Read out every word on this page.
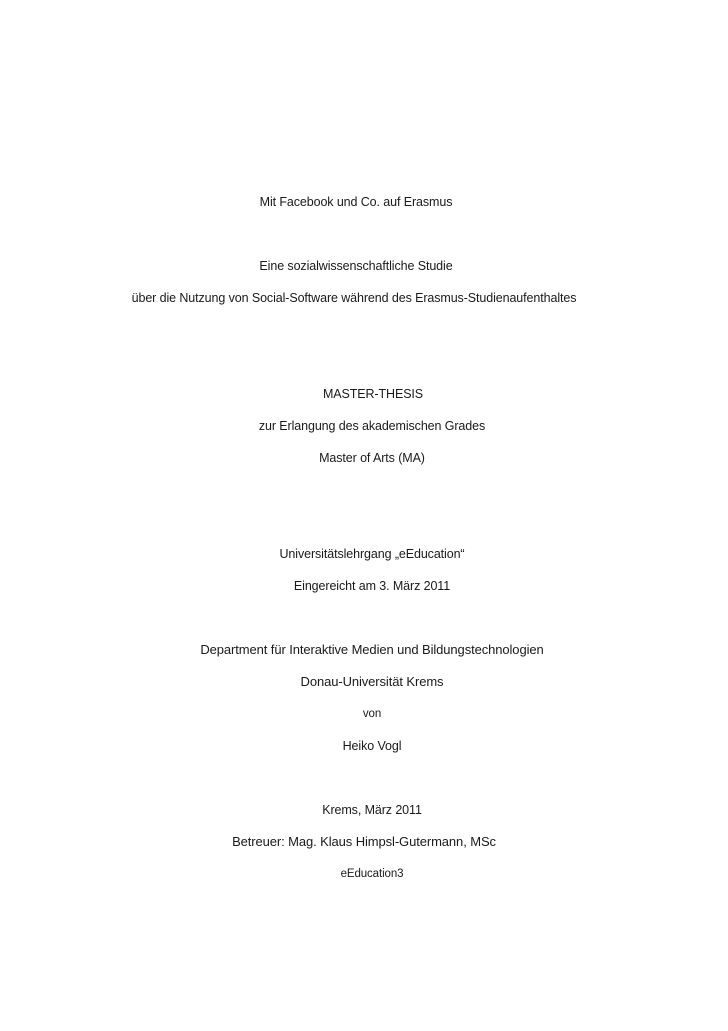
Mit Facebook und Co. auf Erasmus
Eine sozialwissenschaftliche Studie
über die Nutzung von Social-Software während des Erasmus-Studienaufenthaltes
MASTER-THESIS
zur Erlangung des akademischen Grades
Master of Arts (MA)
Universitätslehrgang „eEducation“
Eingereicht am 3. März 2011
Department für Interaktive Medien und Bildungstechnologien
Donau-Universität Krems
von
Heiko Vogl
Krems, März 2011
Betreuer: Mag. Klaus Himpsl-Gutermann, MSc
eEducation3
